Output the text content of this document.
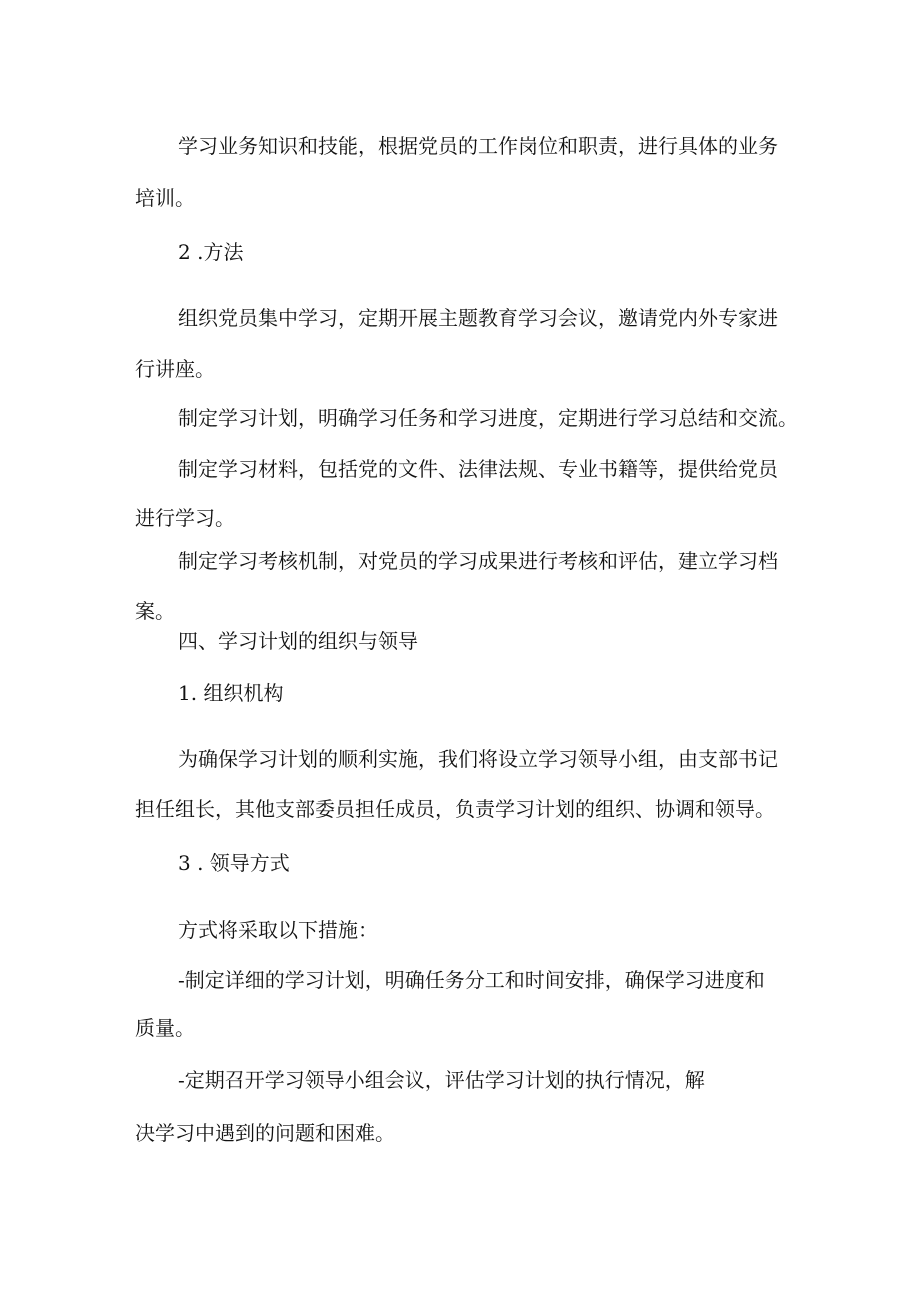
学习业务知识和技能，根据党员的工作岗位和职责，进行具体的业务

培训。

2 .方法

组织党员集中学习，定期开展主题教育学习会议，邀请党内外专家进

行讲座。

制定学习计划，明确学习任务和学习进度，定期进行学习总结和交流。

制定学习材料，包括党的文件、法律法规、专业书籍等，提供给党员

进行学习。

制定学习考核机制，对党员的学习成果进行考核和评估，建立学习档

案。

四、学习计划的组织与领导

1. 组织机构

为确保学习计划的顺利实施，我们将设立学习领导小组，由支部书记

担任组长，其他支部委员担任成员，负责学习计划的组织、协调和领导。

3 . 领导方式

方式将采取以下措施：

-制定详细的学习计划，明确任务分工和时间安排，确保学习进度和

质量。

-定期召开学习领导小组会议，评估学习计划的执行情况，解

决学习中遇到的问题和困难。
